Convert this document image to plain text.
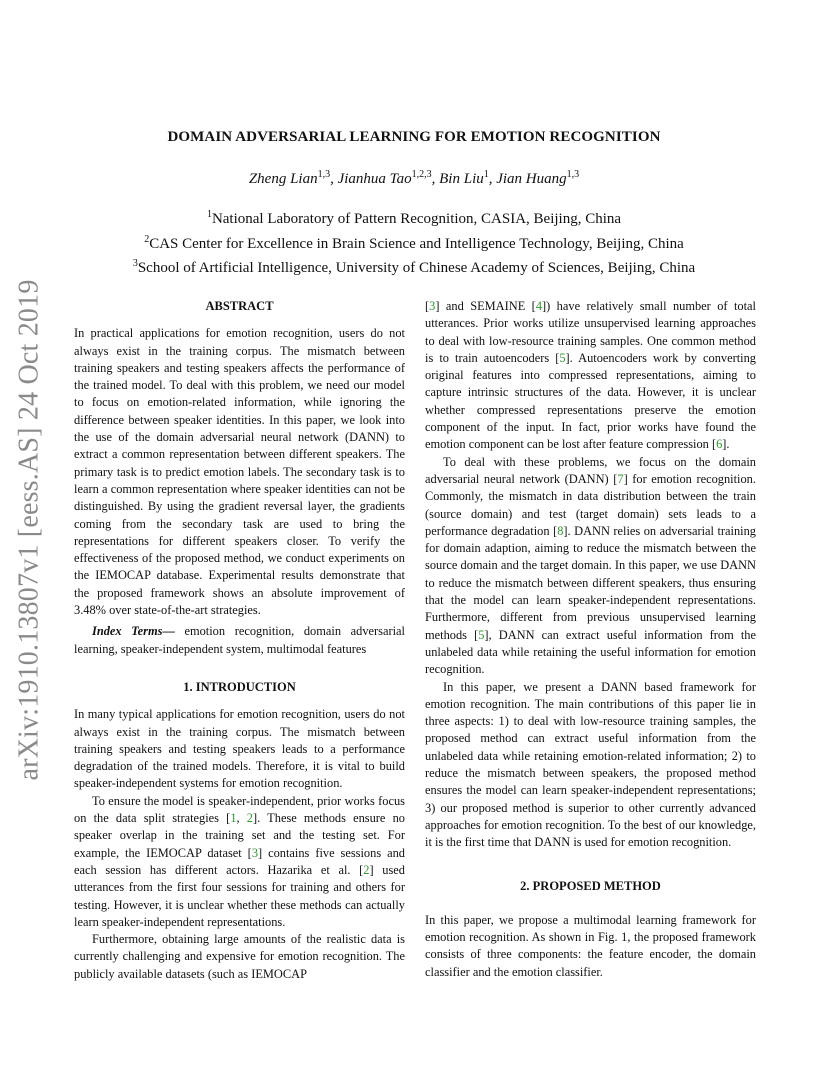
arXiv:1910.13807v1 [eess.AS] 24 Oct 2019
DOMAIN ADVERSARIAL LEARNING FOR EMOTION RECOGNITION
Zheng Lian$^{1,3}$, Jianhua Tao$^{1,2,3}$, Bin Liu$^1$, Jian Huang$^{1,3}$
$^1$National Laboratory of Pattern Recognition, CASIA, Beijing, China
$^2$CAS Center for Excellence in Brain Science and Intelligence Technology, Beijing, China
$^3$School of Artificial Intelligence, University of Chinese Academy of Sciences, Beijing, China

ABSTRACT

In practical applications for emotion recognition, users do not always exist in the training corpus. The mismatch between training speakers and testing speakers affects the performance of the trained model. To deal with this problem, we need our model to focus on emotion-related information, while ignoring the difference between speaker identities. In this paper, we look into the use of the domain adversarial neural network (DANN) to extract a common representation between different speakers. The primary task is to predict emotion labels. The secondary task is to learn a common representation where speaker identities can not be distinguished. By using the gradient reversal layer, the gradients coming from the secondary task are used to bring the representations for different speakers closer. To verify the effectiveness of the proposed method, we conduct experiments on the IEMOCAP database. Experimental results demonstrate that the proposed framework shows an absolute improvement of 3.48% over state-of-the-art strategies.

Index Terms— emotion recognition, domain adversarial learning, speaker-independent system, multimodal features

1. INTRODUCTION

In many typical applications for emotion recognition, users do not always exist in the training corpus. The mismatch between training speakers and testing speakers leads to a performance degradation of the trained models. Therefore, it is vital to build speaker-independent systems for emotion recognition.

To ensure the model is speaker-independent, prior works focus on the data split strategies [1, 2]. These methods ensure no speaker overlap in the training set and the testing set. For example, the IEMOCAP dataset [3] contains five sessions and each session has different actors. Hazarika et al. [2] used utterances from the first four sessions for training and others for testing. However, it is unclear whether these methods can actually learn speaker-independent representations.

Furthermore, obtaining large amounts of the realistic data is currently challenging and expensive for emotion recognition. The publicly available datasets (such as IEMOCAP

[3] and SEMAINE [4]) have relatively small number of total utterances. Prior works utilize unsupervised learning approaches to deal with low-resource training samples. One common method is to train autoencoders [5]. Autoencoders work by converting original features into compressed representations, aiming to capture intrinsic structures of the data. However, it is unclear whether compressed representations preserve the emotion component of the input. In fact, prior works have found the emotion component can be lost after feature compression [6].

To deal with these problems, we focus on the domain adversarial neural network (DANN) [7] for emotion recognition. Commonly, the mismatch in data distribution between the train (source domain) and test (target domain) sets leads to a performance degradation [8]. DANN relies on adversarial training for domain adaption, aiming to reduce the mismatch between the source domain and the target domain. In this paper, we use DANN to reduce the mismatch between different speakers, thus ensuring that the model can learn speaker-independent representations. Furthermore, different from previous unsupervised learning methods [5], DANN can extract useful information from the unlabeled data while retaining the useful information for emotion recognition.

In this paper, we present a DANN based framework for emotion recognition. The main contributions of this paper lie in three aspects: 1) to deal with low-resource training samples, the proposed method can extract useful information from the unlabeled data while retaining emotion-related information; 2) to reduce the mismatch between speakers, the proposed method ensures the model can learn speaker-independent representations; 3) our proposed method is superior to other currently advanced approaches for emotion recognition. To the best of our knowledge, it is the first time that DANN is used for emotion recognition.

2. PROPOSED METHOD

In this paper, we propose a multimodal learning framework for emotion recognition. As shown in Fig. 1, the proposed framework consists of three components: the feature encoder, the domain classifier and the emotion classifier.
